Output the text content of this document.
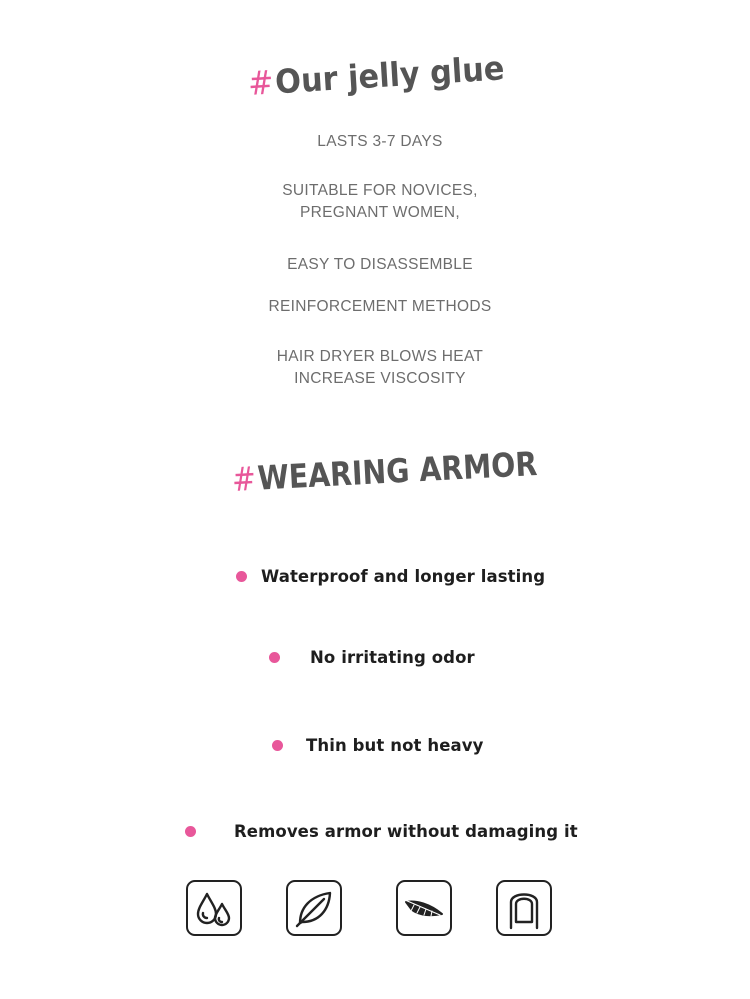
#Our jelly glue
LASTS 3-7 DAYS
SUITABLE FOR NOVICES,
PREGNANT WOMEN,
EASY TO DISASSEMBLE
REINFORCEMENT METHODS
HAIR DRYER BLOWS HEAT
INCREASE VISCOSITY
#WEARING ARMOR
Waterproof and longer lasting
No irritating odor
Thin but not heavy
Removes armor without damaging it
